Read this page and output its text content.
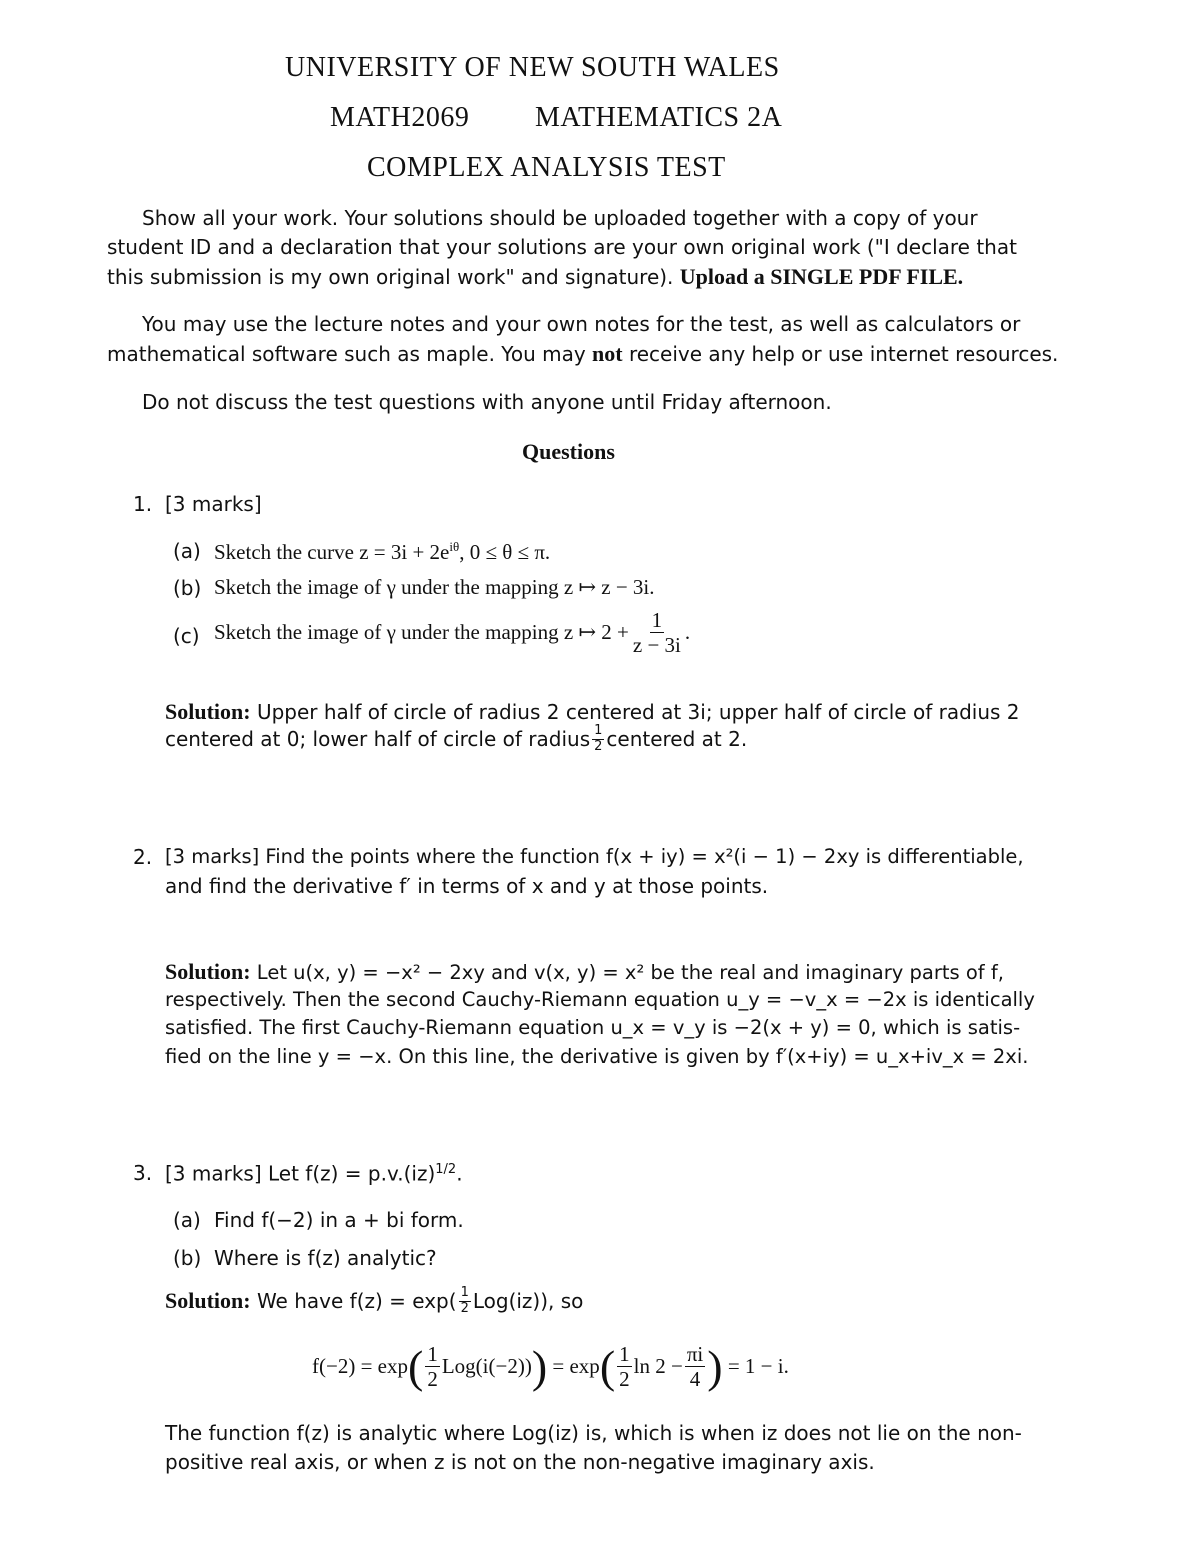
UNIVERSITY OF NEW SOUTH WALES
MATH2069 MATHEMATICS 2A
COMPLEX ANALYSIS TEST
Show all your work. Your solutions should be uploaded together with a copy of your
student ID and a declaration that your solutions are your own original work ("I declare that
this submission is my own original work" and signature). Upload a SINGLE PDF FILE.
You may use the lecture notes and your own notes for the test, as well as calculators or
mathematical software such as maple. You may not receive any help or use internet resources.
Do not discuss the test questions with anyone until Friday afternoon.
Questions
1. [3 marks]
(a) Sketch the curve $z = 3i + 2e^{i\theta}$, 0 ≤ θ ≤ π.
(b) Sketch the image of γ under the mapping z ↦ z − 3i.
(c) Sketch the image of γ under the mapping z ↦ $2 + \frac{1}{z - 3i}$ .
Solution: Upper half of circle of radius 2 centered at 3i; upper half of circle of radius 2
centered at 0; lower half of circle of radius $\frac{1}{2}$ centered at 2.
2. [3 marks] Find the points where the function f(x + iy) = x²(i − 1) − 2xy is differentiable,
and find the derivative f′ in terms of x and y at those points.
Solution: Let u(x, y) = −x² − 2xy and v(x, y) = x² be the real and imaginary parts of f,
respectively. Then the second Cauchy-Riemann equation u_y = −v_x = −2x is identically
satisfied. The first Cauchy-Riemann equation u_x = v_y is −2(x + y) = 0, which is satis-
fied on the line y = −x. On this line, the derivative is given by f′(x+iy) = u_x+iv_x = 2xi.
3. [3 marks] Let f(z) = p.v.(iz)$^{1/2}$.
(a) Find f(−2) in a + bi form.
(b) Where is f(z) analytic?
Solution:
We have $f(z) = \exp( \frac{1}{2} Log(iz))$, so
f(−2) = exp ( $\frac{1}{2} Log(i(-2))$ )
= exp ( $\frac{1}{2}$ $\ln 2 - \frac{\pi i}{4}$ )
= 1 − i.
The function f(z) is analytic where Log(iz) is, which is when iz does not lie on the non-
positive real axis, or when z is not on the non-negative imaginary axis.
